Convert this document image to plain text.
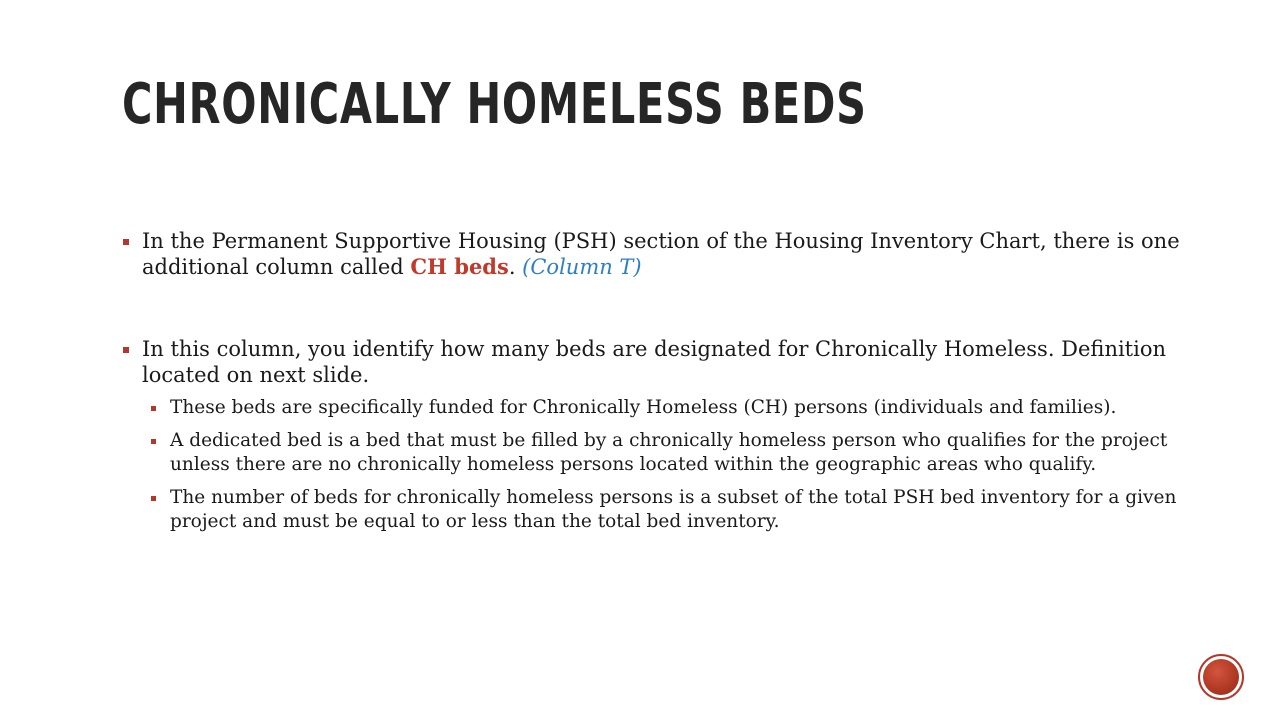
CHRONICALLY HOMELESS BEDS
In the Permanent Supportive Housing (PSH) section of the Housing Inventory Chart, there is one additional column called CH beds. (Column T)
In this column, you identify how many beds are designated for Chronically Homeless. Definition located on next slide.
These beds are specifically funded for Chronically Homeless (CH) persons (individuals and families).
A dedicated bed is a bed that must be filled by a chronically homeless person who qualifies for the project unless there are no chronically homeless persons located within the geographic areas who qualify.
The number of beds for chronically homeless persons is a subset of the total PSH bed inventory for a given project and must be equal to or less than the total bed inventory.
